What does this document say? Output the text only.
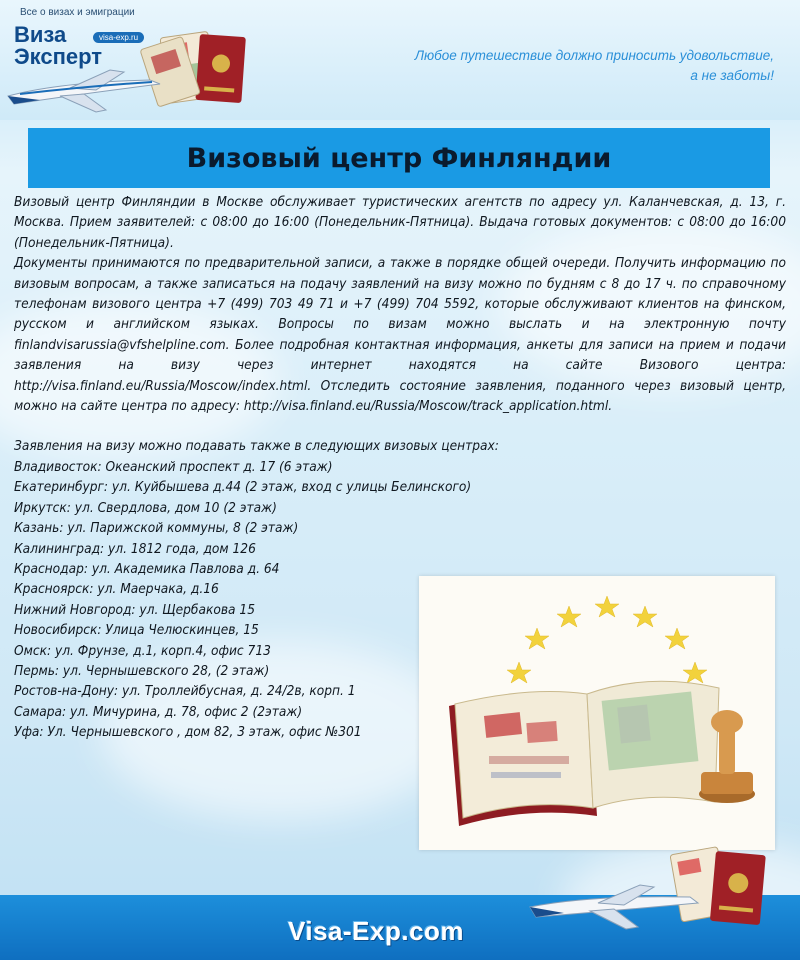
Все о визах и эмиграции
Виза
Эксперт
visa-exp.ru
Любое путешествие должно приносить удовольствие,
а не заботы!
Визовый центр Финляндии

Визовый центр Финляндии в Москве обслуживает туристических агентств по адресу ул. Каланчевская, д. 13, г. Москва. Прием заявителей: с 08:00 до 16:00 (Понедельник-Пятница). Выдача готовых документов: с 08:00 до 16:00 (Понедельник-Пятница).

Документы принимаются по предварительной записи, а также в порядке общей очереди. Получить информацию по визовым вопросам, а также записаться на подачу заявлений на визу можно по будням с 8 до 17 ч. по справочному телефонам визового центра +7 (499) 703 49 71 и +7 (499) 704 5592, которые обслуживают клиентов на финском, русском и английском языках. Вопросы по визам можно выслать и на электронную почту finlandvisarussia@vfshelpline.com. Более подробная контактная информация, анкеты для записи на прием и подачи заявления на визу через интернет находятся на сайте Визового центра: http://visa.finland.eu/Russia/Moscow/index.html. Отследить состояние заявления, поданного через визовый центр, можно на сайте центра по адресу: http://visa.finland.eu/Russia/Moscow/track_application.html.

Заявления на визу можно подавать также в следующих визовых центрах:

Владивосток: Океанский проспект д. 17 (6 этаж)
Екатеринбург: ул. Куйбышева д.44 (2 этаж, вход с улицы Белинского)
Иркутск: ул. Свердлова, дом 10 (2 этаж)
Казань: ул. Парижской коммуны, 8 (2 этаж)
Калининград: ул. 1812 года, дом 126
Краснодар: ул. Академика Павлова д. 64
Красноярск: ул. Маерчака, д.16
Нижний Новгород: ул. Щербакова 15
Новосибирск: Улица Челюскинцев, 15
Омск: ул. Фрунзе, д.1, корп.4, офис 713
Пермь: ул. Чернышевского 28, (2 этаж)
Ростов-на-Дону: ул. Троллейбусная, д. 24/2в, корп. 1
Самара: ул. Мичурина, д. 78, офис 2 (2этаж)
Уфа: Ул. Чернышевского , дом 82, 3 этаж, офис №301
Visa-Exp.com
